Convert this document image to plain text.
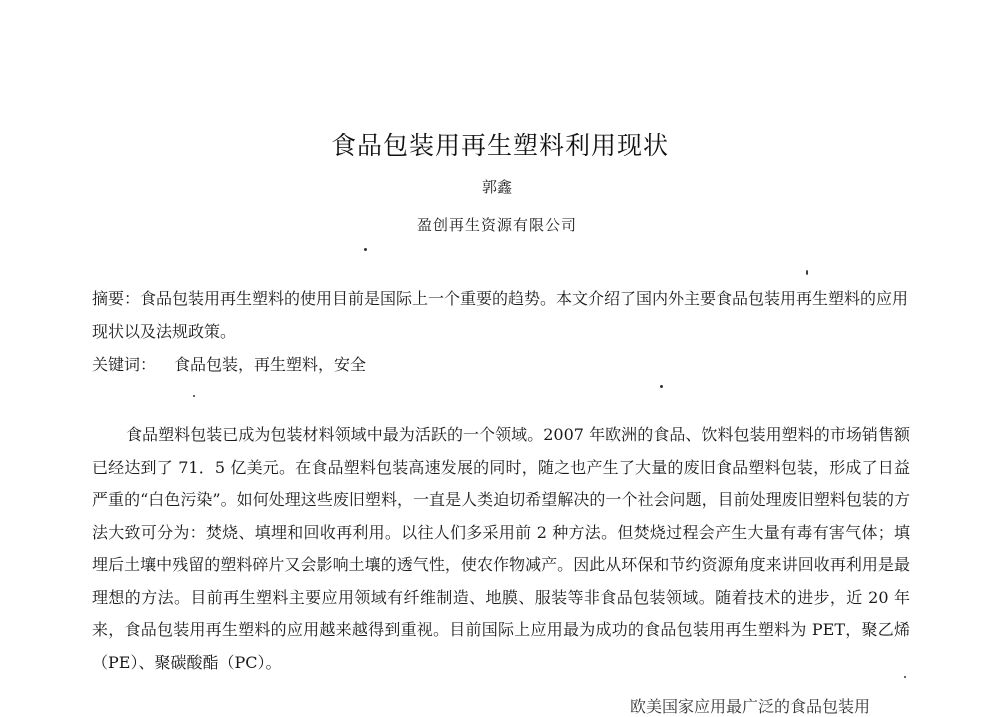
食品包装用再生塑料利用现状
郭鑫
盈创再生资源有限公司
摘要：食品包装用再生塑料的使用目前是国际上一个重要的趋势。本文介绍了国内外主要食品包装用再生塑料的应用现状以及法规政策。
关键词： 食品包装，再生塑料，安全
食品塑料包装已成为包装材料领域中最为活跃的一个领域。2007 年欧洲的食品、饮料包装用塑料的市场销售额已经达到了 71．5 亿美元。在食品塑料包装高速发展的同时，随之也产生了大量的废旧食品塑料包装，形成了日益严重的“白色污染”。如何处理这些废旧塑料，一直是人类迫切希望解决的一个社会问题，目前处理废旧塑料包装的方法大致可分为：焚烧、填埋和回收再利用。以往人们多采用前 2 种方法。但焚烧过程会产生大量有毒有害气体；填埋后土壤中残留的塑料碎片又会影响土壤的透气性，使农作物减产。因此从环保和节约资源角度来讲回收再利用是最理想的方法。目前再生塑料主要应用领域有纤维制造、地膜、服装等非食品包装领域。随着技术的进步，近 20 年来，食品包装用再生塑料的应用越来越得到重视。目前国际上应用最为成功的食品包装用再生塑料为 PET，聚乙烯（PE）、聚碳酸酯（PC）。
欧美国家应用最广泛的食品包装用
